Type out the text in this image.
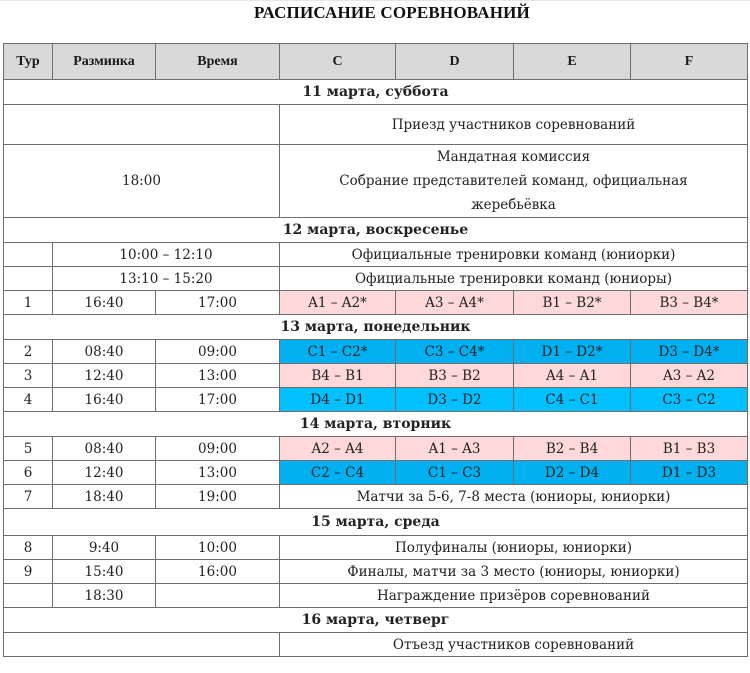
РАСПИСАНИЕ СОРЕВНОВАНИЙ
Тур	Разминка	Время	C	D	E	F
11 марта, суббота						
			Приезд участников соревнований			
18:00			Мандатная комиссия
Собрание представителей команд, официальная
жеребьёвка			

12 марта, воскресенье						
	10:00 – 12:10		Официальные тренировки команд (юниорки)			
	13:10 – 15:20		Официальные тренировки команд (юниоры)			
1	16:40	17:00	A1 – A2*	A3 – A4*	B1 – B2*	B3 – B4*
13 марта, понедельник						
2	08:40	09:00	C1 – C2*	C3 – C4*	D1 – D2*	D3 – D4*
3	12:40	13:00	B4 – B1	B3 – B2	A4 – A1	A3 – A2
4	16:40	17:00	D4 – D1	D3 – D2	C4 – C1	C3 – C2
14 марта, вторник						
5	08:40	09:00	A2 – A4	A1 – A3	B2 – B4	B1 – B3
6	12:40	13:00	C2 – C4	C1 – C3	D2 – D4	D1 – D3
7	18:40	19:00	Матчи за 5-6, 7-8 места (юниоры, юниорки)			
15 марта, среда						
8	9:40	10:00	Полуфиналы (юниоры, юниорки)			
9	15:40	16:00	Финалы, матчи за 3 место (юниоры, юниорки)			
	18:30		Награждение призёров соревнований			
16 марта, четверг						
			Отъезд участников соревнований			
